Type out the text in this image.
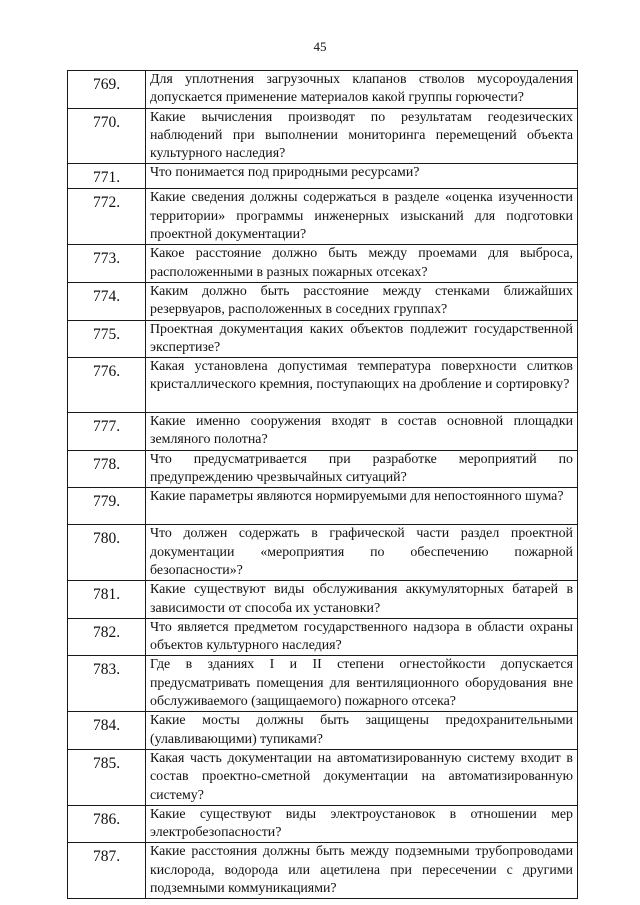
45
769.	Для уплотнения загрузочных клапанов стволов мусороудаления допускается применение материалов какой группы горючести?
770.	Какие вычисления производят по результатам геодезических наблюдений при выполнении мониторинга перемещений объекта культурного наследия?
771.	Что понимается под природными ресурсами?
772.	Какие сведения должны содержаться в разделе «оценка изученности территории» программы инженерных изысканий для подготовки проектной документации?
773.	Какое расстояние должно быть между проемами для выброса, расположенными в разных пожарных отсеках?
774.	Каким должно быть расстояние между стенками ближайших резервуаров, расположенных в соседних группах?
775.	Проектная документация каких объектов подлежит государственной экспертизе?
776.	Какая установлена допустимая температура поверхности слитков кристаллического кремния, поступающих на дробление и сортировку?
777.	Какие именно сооружения входят в состав основной площадки земляного полотна?
778.	Что предусматривается при разработке мероприятий по предупреждению чрезвычайных ситуаций?
779.	Какие параметры являются нормируемыми для непостоянного шума?
780.	Что должен содержать в графической части раздел проектной документации «мероприятия по обеспечению пожарной безопасности»?
781.	Какие существуют виды обслуживания аккумуляторных батарей в зависимости от способа их установки?
782.	Что является предметом государственного надзора в области охраны объектов культурного наследия?
783.	Где в зданиях I и II степени огнестойкости допускается предусматривать помещения для вентиляционного оборудования вне обслуживаемого (защищаемого) пожарного отсека?
784.	Какие мосты должны быть защищены предохранительными (улавливающими) тупиками?
785.	Какая часть документации на автоматизированную систему входит в состав проектно-сметной документации на автоматизированную систему?
786.	Какие существуют виды электроустановок в отношении мер электробезопасности?
787.	Какие расстояния должны быть между подземными трубопроводами кислорода, водорода или ацетилена при пересечении с другими подземными коммуникациями?
